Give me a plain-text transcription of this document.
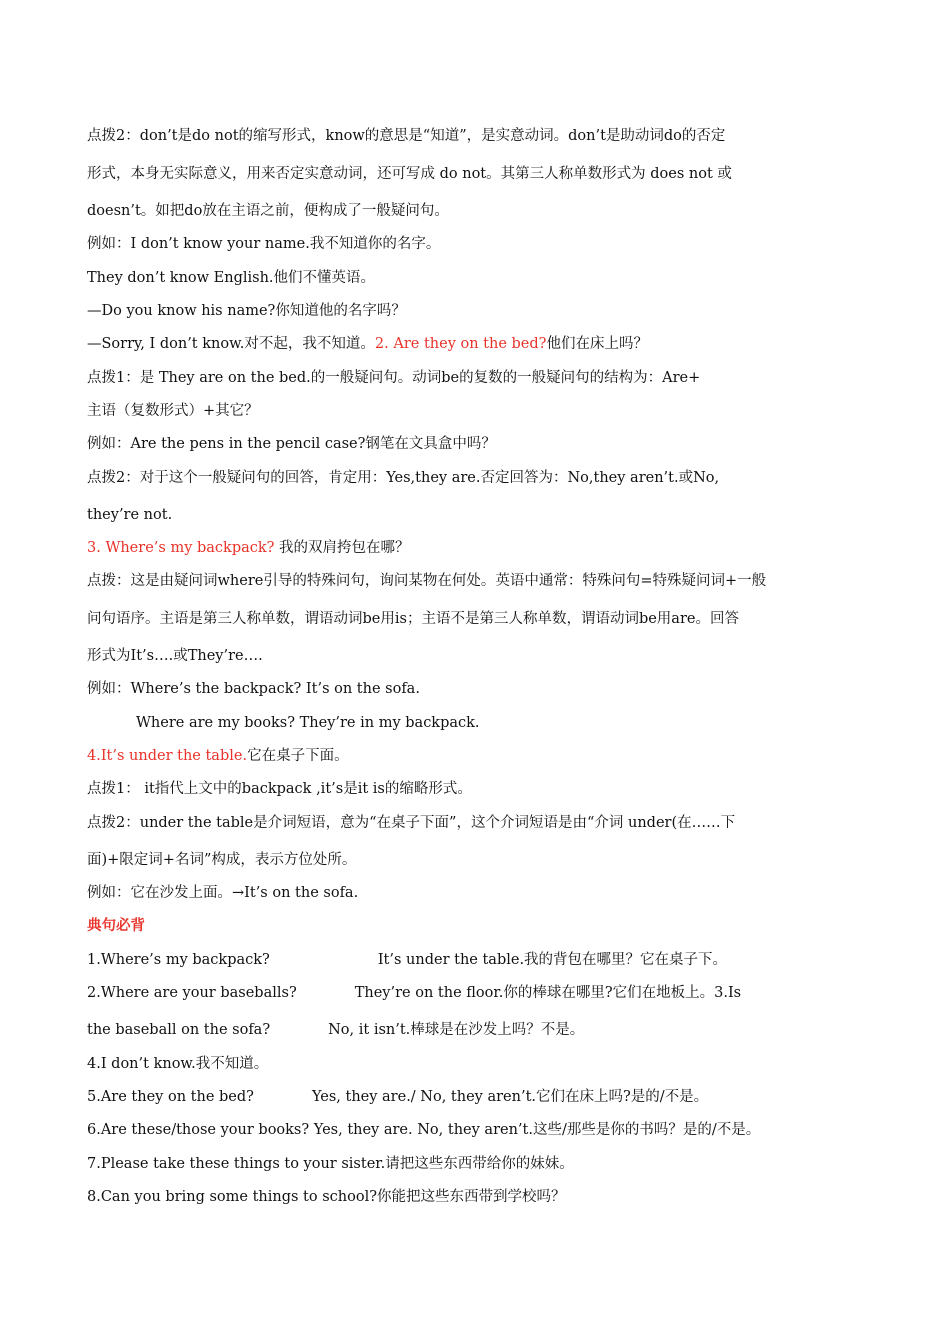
点拨2：don’t是do not的缩写形式，know的意思是“知道”，是实意动词。don’t是助动词do的否定
形式，本身无实际意义，用来否定实意动词，还可写成 do not。其第三人称单数形式为 does not 或
doesn’t。如把do放在主语之前，便构成了一般疑问句。
例如：I don’t know your name.我不知道你的名字。
They don’t know English.他们不懂英语。
—Do you know his name?你知道他的名字吗？
—Sorry, I don’t know.对不起，我不知道。2. Are they on the bed?他们在床上吗？
点拨1：是 They are on the bed.的一般疑问句。动词be的复数的一般疑问句的结构为：Are+
主语（复数形式）+其它？
例如：Are the pens in the pencil case?钢笔在文具盒中吗？
点拨2：对于这个一般疑问句的回答，肯定用：Yes,they are.否定回答为：No,they aren’t.或No,
they’re not.
3. Where’s my backpack? 我的双肩挎包在哪？
点拨：这是由疑问词where引导的特殊问句，询问某物在何处。英语中通常：特殊问句=特殊疑问词+一般
问句语序。主语是第三人称单数，谓语动词be用is；主语不是第三人称单数，谓语动词be用are。回答
形式为It’s….或They’re….
例如：Where’s the backpack? It’s on the sofa.
Where are my books? They’re in my backpack.
4.It’s under the table.它在桌子下面。
点拨1： it指代上文中的backpack ,it’s是it is的缩略形式。
点拨2：under the table是介词短语，意为“在桌子下面”，这个介词短语是由“介词 under(在……下
面)+限定词+名词”构成，表示方位处所。
例如：它在沙发上面。→It’s on the sofa.
典句必背
1.Where’s my backpack?	It’s under the table.我的背包在哪里？它在桌子下。
2.Where are your baseballs?	They’re on the floor.你的棒球在哪里?它们在地板上。3.Is
the baseball on the sofa?	No, it isn’t.棒球是在沙发上吗？不是。
4.I don’t know.我不知道。
5.Are they on the bed?	Yes, they are./ No, they aren’t.它们在床上吗?是的/不是。
6.Are these/those your books? Yes, they are. No, they aren’t.这些/那些是你的书吗？是的/不是。
7.Please take these things to your sister.请把这些东西带给你的妹妹。
8.Can you bring some things to school?你能把这些东西带到学校吗？
